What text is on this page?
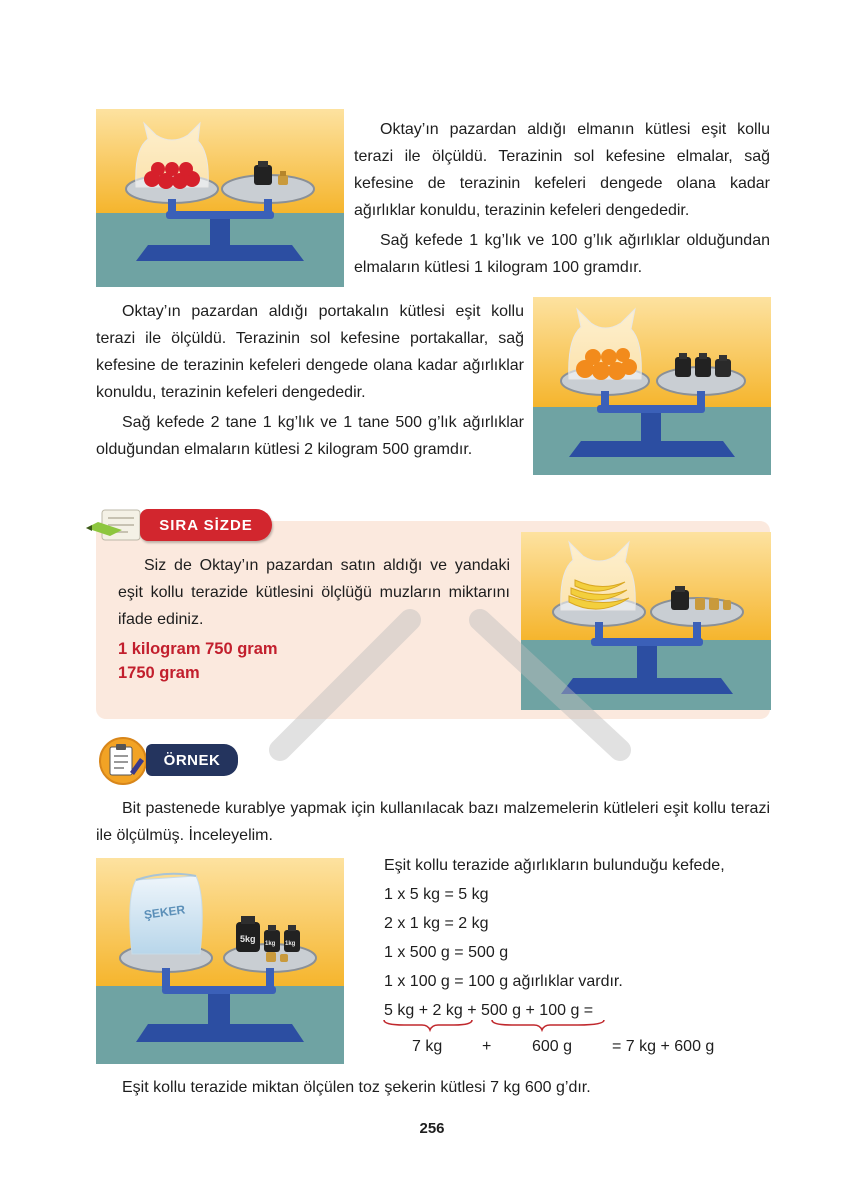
Oktay’ın pazardan aldığı elmanın kütlesi eşit kollu terazi ile ölçüldü. Terazinin sol kefesine elmalar, sağ kefesine de terazinin kefeleri dengede olana kadar ağırlıklar konuldu, terazinin kefeleri dengededir.

Sağ kefede 1 kg’lık ve 100 g’lık ağırlıklar olduğundan elmaların kütlesi 1 kilogram 100 gramdır.

Oktay’ın pazardan aldığı portakalın kütlesi eşit kollu terazi ile ölçüldü. Terazinin sol kefesine portakallar, sağ kefesine de terazinin kefeleri dengede olana kadar ağırlıklar konuldu, terazinin kefeleri dengededir.

Sağ kefede 2 tane 1 kg’lık ve 1 tane 500 g’lık ağırlıklar olduğundan elmaların kütlesi 2 kilogram 500 gramdır.

SIRA SİZDE

Siz de Oktay’ın pazardan satın aldığı ve yandaki eşit kollu terazide kütlesini ölçlüğü muzların miktarını ifade ediniz.

1 kilogram 750 gram
1750 gram
ÖRNEK

Bit pastenede kurablye yapmak için kullanılacak bazı malzemelerin kütleleri eşit kollu terazi ile ölçülmüş. İnceleyelim.

ŞEKER
5kg 1kg 1kg
Eşit kollu terazide ağırlıkların bulunduğu kefede,
1 x 5 kg = 5 kg
2 x 1 kg = 2 kg
1 x 500 g = 500 g
1 x 100 g = 100 g ağırlıklar vardır.
5 kg + 2 kg + 500 g + 100 g =
7 kg +	600 g = 7 kg + 600 g

Eşit kollu terazide miktan ölçülen toz şekerin kütlesi 7 kg 600 g’dır.

256
